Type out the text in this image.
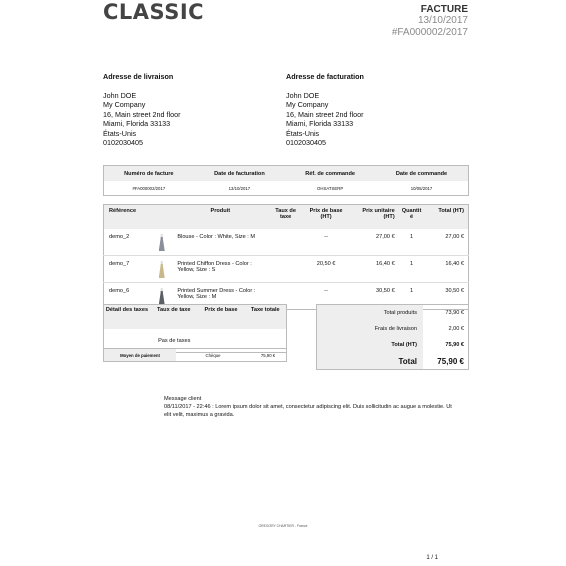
CLASSIC	FACTURE
13/10/2017
#FA000002/2017
Adresse de livraison
John DOE
My Company
16, Main street 2nd floor
Miami, Florida 33133
États-Unis
0102030405
Adresse de facturation
John DOE
My Company
16, Main street 2nd floor
Miami, Florida 33133
États-Unis
0102030405
Numéro de facture	Date de facturation	Réf. de commande	Date de commande
#FA000002/2017	13/10/2017	OHSATSERP	10/05/2017
Référence		Produit	Taux de taxe	Prix de base (HT)	Prix unitaire (HT)	Quantit é	Total (HT)
demo_2		Blouse - Color : White, Size : M		--	27,00 €	1	27,00 €
demo_7		Printed Chiffon Dress - Color : Yellow, Size : S		20,50 €	16,40 €	1	16,40 €
demo_6		Printed Summer Dress - Color : Yellow, Size : M		--	30,50 €	1	30,50 €
Détail des taxes	Taux de taxe	Prix de base	Taxe totale
Pas de taxes			
Moyen de paiement	Chèque	75,90 €
Total produits	73,90 €
Frais de livraison	2,00 €
Total (HT)	75,90 €
Total	75,90 €
Message client
08/11/2017 - 22:46 : Lorem ipsum dolor sit amet, consectetur adipiscing elit. Duis sollicitudin ac augue a molestie. Ut elit velit, maximus a gravida.
GREGORY CHARTIER - France
1 / 1
